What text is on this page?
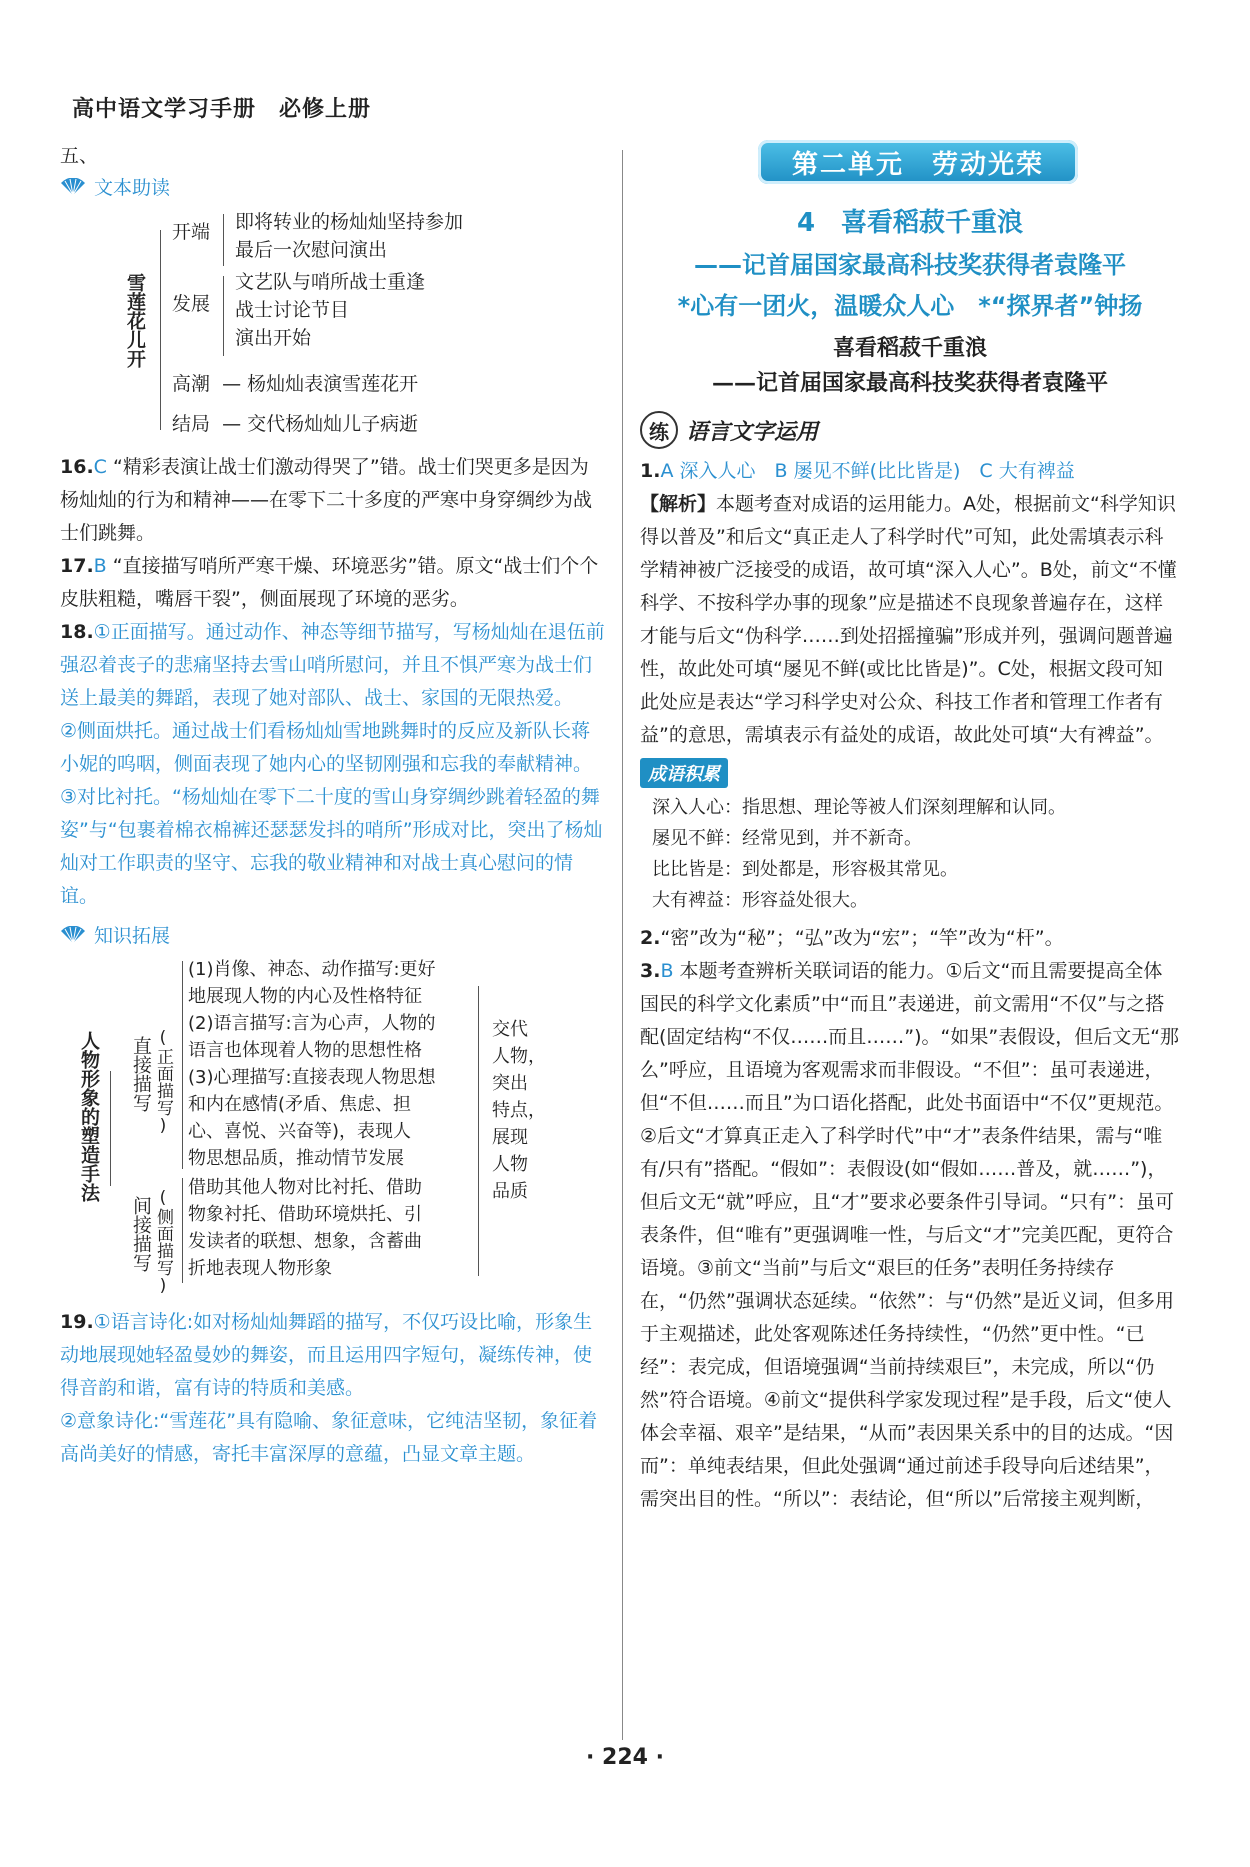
高中语文学习手册　必修上册
五、
文本助读
雪莲花儿开
开端 即将转业的杨灿灿坚持参加
最后一次慰问演出
发展
文艺队与哨所战士重逢
战士讨论节目
演出开始
高潮 — 杨灿灿表演雪莲花开
结局 — 交代杨灿灿儿子病逝
16.C “精彩表演让战士们激动得哭了”错。战士们哭更多是因为杨灿灿的行为和精神——在零下二十多度的严寒中身穿绸纱为战士们跳舞。
17.B “直接描写哨所严寒干燥、环境恶劣”错。原文“战士们个个皮肤粗糙，嘴唇干裂”，侧面展现了环境的恶劣。

18.①正面描写。通过动作、神态等细节描写，写杨灿灿在退伍前强忍着丧子的悲痛坚持去雪山哨所慰问，并且不惧严寒为战士们送上最美的舞蹈，表现了她对部队、战士、家国的无限热爱。

②侧面烘托。通过战士们看杨灿灿雪地跳舞时的反应及新队长蒋小妮的呜咽，侧面表现了她内心的坚韧刚强和忘我的奉献精神。

③对比衬托。“杨灿灿在零下二十度的雪山身穿绸纱跳着轻盈的舞姿”与“包裹着棉衣棉裤还瑟瑟发抖的哨所”形成对比，突出了杨灿灿对工作职责的坚守、忘我的敬业精神和对战士真心慰问的情谊。

知识拓展
人物形象的塑造手法 直接描写 (正面描写)
(1)肖像、神态、动作描写:更好
地展现人物的内心及性格特征
(2)语言描写:言为心声，人物的
语言也体现着人物的思想性格
(3)心理描写:直接表现人物思想
和内在感情(矛盾、焦虑、担
心、喜悦、兴奋等)，表现人
物思想品质，推动情节发展
间接描写 (侧面描写)
借助其他人物对比衬托、借助
物象衬托、借助环境烘托、引
发读者的联想、想象，含蓄曲
折地表现人物形象
交代
人物，
突出
特点，
展现
人物
品质

19.①语言诗化:如对杨灿灿舞蹈的描写，不仅巧设比喻，形象生动地展现她轻盈曼妙的舞姿，而且运用四字短句，凝练传神，使得音韵和谐，富有诗的特质和美感。

②意象诗化:“雪莲花”具有隐喻、象征意味，它纯洁坚韧，象征着高尚美好的情感，寄托丰富深厚的意蕴，凸显文章主题。

第二单元　劳动光荣
4　喜看稻菽千重浪
——记首届国家最高科技奖获得者袁隆平
*心有一团火，温暖众人心　*“探界者”钟扬
喜看稻菽千重浪
——记首届国家最高科技奖获得者袁隆平
练 语言文字运用
1.A 深入人心　B 屡见不鲜(比比皆是)　C 大有裨益
【解析】本题考查对成语的运用能力。A处，根据前文“科学知识得以普及”和后文“真正走人了科学时代”可知，此处需填表示科学精神被广泛接受的成语，故可填“深入人心”。B处，前文“不懂科学、不按科学办事的现象”应是描述不良现象普遍存在，这样才能与后文“伪科学……到处招摇撞骗”形成并列，强调问题普遍性，故此处可填“屡见不鲜(或比比皆是)”。C处，根据文段可知此处应是表达“学习科学史对公众、科技工作者和管理工作者有益”的意思，需填表示有益处的成语，故此处可填“大有裨益”。
成语积累

深入人心：指思想、理论等被人们深刻理解和认同。

屡见不鲜：经常见到，并不新奇。

比比皆是：到处都是，形容极其常见。

大有裨益：形容益处很大。

2.“密”改为“秘”；“弘”改为“宏”；“竿”改为“杆”。
3.B 本题考查辨析关联词语的能力。①后文“而且需要提高全体国民的科学文化素质”中“而且”表递进，前文需用“不仅”与之搭配(固定结构“不仅……而且……”)。“如果”表假设，但后文无“那么”呼应，且语境为客观需求而非假设。“不但”：虽可表递进，但“不但……而且”为口语化搭配，此处书面语中“不仅”更规范。②后文“才算真正走入了科学时代”中“才”表条件结果，需与“唯有/只有”搭配。“假如”：表假设(如“假如……普及，就……”)，但后文无“就”呼应，且“才”要求必要条件引导词。“只有”：虽可表条件，但“唯有”更强调唯一性，与后文“才”完美匹配，更符合语境。③前文“当前”与后文“艰巨的任务”表明任务持续存在，“仍然”强调状态延续。“依然”：与“仍然”是近义词，但多用于主观描述，此处客观陈述任务持续性，“仍然”更中性。“已经”：表完成，但语境强调“当前持续艰巨”，未完成，所以“仍然”符合语境。④前文“提供科学家发现过程”是手段，后文“使人体会幸福、艰辛”是结果，“从而”表因果关系中的目的达成。“因而”：单纯表结果，但此处强调“通过前述手段导向后述结果”，需突出目的性。“所以”：表结论，但“所以”后常接主观判断，
· 224 ·
